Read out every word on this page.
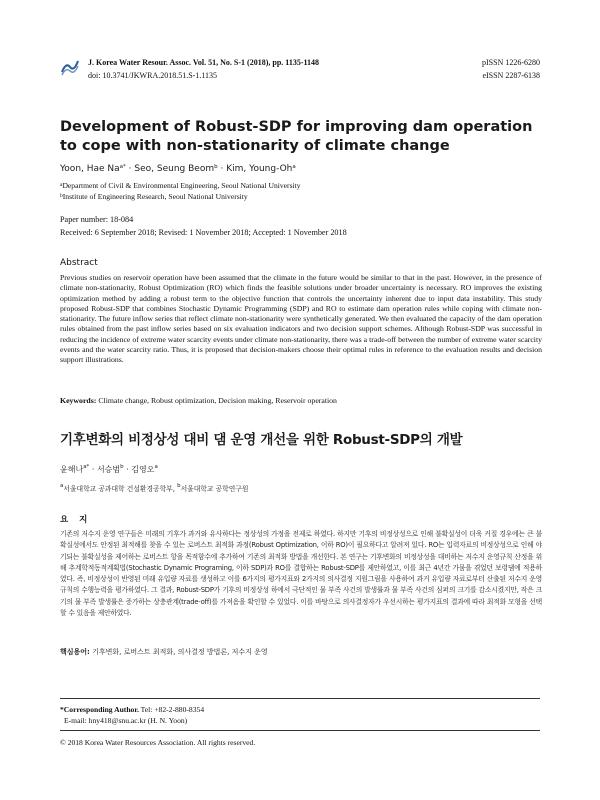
J. Korea Water Resour. Assoc. Vol. 51, No. S-1 (2018), pp. 1135-1148
doi: 10.3741/JKWRA.2018.51.S-1.1135
pISSN 1226-6280
eISSN 2287-6138
Development of Robust-SDP for improving dam operation to cope with non-stationarity of climate change
Yoon, Hae $Na^{a*}$ · Seo, Seung Beom$^b$ · Kim, Young-Oh$^a$
$^a$Department of Civil & Environmental Engineering, Seoul National University
$^b$Institute of Engineering Research, Seoul National University
Paper number: 18-084
Received: 6 September 2018; Revised: 1 November 2018; Accepted: 1 November 2018
Abstract
Previous studies on reservoir operation have been assumed that the climate in the future would be similar to that in the past. However, in the presence of climate non-stationarity, Robust Optimization (RO) which finds the feasible solutions under broader uncertainty is necessary. RO improves the existing optimization method by adding a robust term to the objective function that controls the uncertainty inherent due to input data instability. This study proposed Robust-SDP that combines Stochastic Dynamic Programming (SDP) and RO to estimate dam operation rules while coping with climate non-stationarity. The future inflow series that reflect climate non-stationarity were synthetically generated. We then evaluated the capacity of the dam operation rules obtained from the past inflow series based on six evaluation indicators and two decision support schemes. Although Robust-SDP was successful in reducing the incidence of extreme water scarcity events under climate non-stationarity, there was a trade-off between the number of extreme water scarcity events and the water scarcity ratio. Thus, it is proposed that decision-makers choose their optimal rules in reference to the evaluation results and decision support illustrations.
Keywords: Climate change, Robust optimization, Decision making, Reservoir operation
기후변화의 비정상성 대비 댐 운영 개선을 위한 Robust-SDP의 개발
윤해나$^{a*}$ · 서승범$^b$ · 김영오$^a$
$^a$서울대학교 공과대학 건설환경공학부, $^b$서울대학교 공학연구원
요 지
기존의 저수지 운영 연구들은 미래의 기후가 과거와 유사하다는 정상성의 가정을 전제로 하였다. 하지만 기후의 비정상성으로 인해 불확실성이 더욱 커질 경우에는 큰 불확실성에서도 안정된 최적해를 찾을 수 있는 로버스트 최적화 과정(Robust Optimization, 이하 RO)이 필요하다고 알려져 있다. RO는 입력자료의 비정상성으로 인해 야기되는 불확실성을 제어하는 로버스트 항을 목적함수에 추가하여 기존의 최적화 방법을 개선한다. 본 연구는 기후변화의 비정상성을 대비하는 저수지 운영규칙 산정을 위해 추계학적동적계획법(Stochastic Dynamic Programing, 이하 SDP)과 RO를 결합하는 Robust-SDP를 제안하였고, 이를 최근 4년간 가뭄을 겪었던 보령댐에 적용하였다. 즉, 비정상성이 반영된 미래 유입량 자료를 생성하고 이를 6가지의 평가지표와 2가지의 의사결정 지원그림을 사용하여 과거 유입량 자료로부터 산출된 저수지 운영규칙의 수행능력을 평가하였다. 그 결과, Robust-SDP가 기후의 비정상성 하에서 극단적인 물 부족 사건의 발생률과 물 부족 사건의 심퍼의 크기를 감소시켰지만, 작은 크기의 물 부족 발생률은 증가하는 상충관계(trade-off)를 가져옴을 확인할 수 있었다. 이를 바탕으로 의사결정자가 우선시하는 평가지표의 결과에 따라 최적화 모형을 선택할 수 있음을 제안하였다.
핵심용어: 기후변화, 로버스트 최적화, 의사결정 방법론, 저수지 운영
*Corresponding Author. Tel: +82-2-880-8354
E-mail: hny418@snu.ac.kr (H. N. Yoon)
© 2018 Korea Water Resources Association. All rights reserved.
